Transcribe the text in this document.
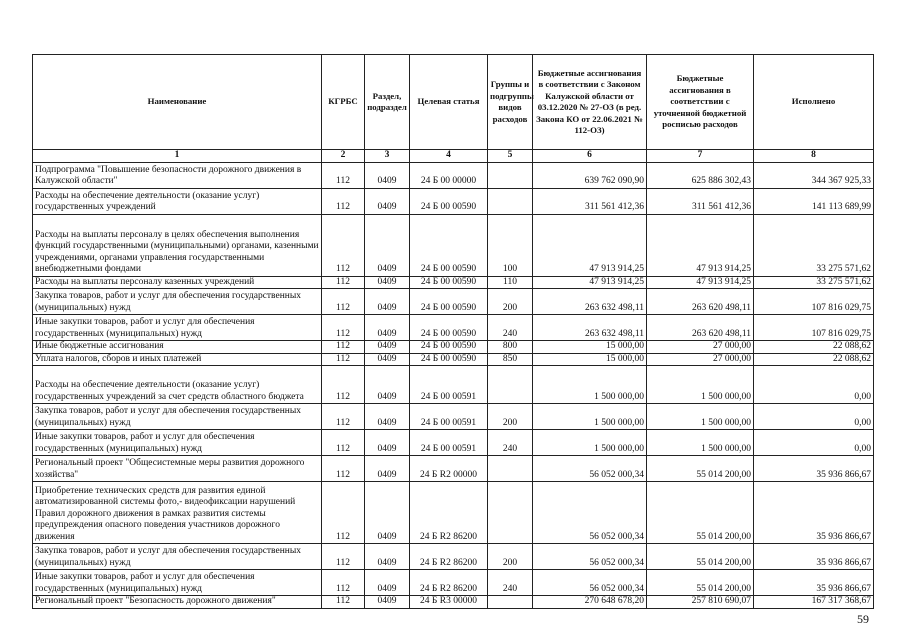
Наименование	КГРБС	Раздел, подраздел	Целевая статья	Группы и подгруппы видов расходов	Бюджетные ассигнования в соответствии с Законом Калужской области от 03.12.2020 № 27-ОЗ (в ред. Закона КО от 22.06.2021 № 112-ОЗ)	Бюджетные ассигнования в соответствии с уточненной бюджетной росписью расходов	Исполнено
1	2	3	4	5	6	7	8
Подпрограмма "Повышение безопасности дорожного движения в Калужской области"	112	0409	24 Б 00 00000		639 762 090,90	625 886 302,43	344 367 925,33
Расходы на обеспечение деятельности (оказание услуг) государственных учреждений	112	0409	24 Б 00 00590		311 561 412,36	311 561 412,36	141 113 689,99
Расходы на выплаты персоналу в целях обеспечения выполнения функций государственными (муниципальными) органами, казенными учреждениями, органами управления государственными внебюджетными фондами	112	0409	24 Б 00 00590	100	47 913 914,25	47 913 914,25	33 275 571,62
Расходы на выплаты персоналу казенных учреждений	112	0409	24 Б 00 00590	110	47 913 914,25	47 913 914,25	33 275 571,62
Закупка товаров, работ и услуг для обеспечения государственных (муниципальных) нужд	112	0409	24 Б 00 00590	200	263 632 498,11	263 620 498,11	107 816 029,75
Иные закупки товаров, работ и услуг для обеспечения государственных (муниципальных) нужд	112	0409	24 Б 00 00590	240	263 632 498,11	263 620 498,11	107 816 029,75
Иные бюджетные ассигнования	112	0409	24 Б 00 00590	800	15 000,00	27 000,00	22 088,62
Уплата налогов, сборов и иных платежей	112	0409	24 Б 00 00590	850	15 000,00	27 000,00	22 088,62
Расходы на обеспечение деятельности (оказание услуг) государственных учреждений за счет средств областного бюджета	112	0409	24 Б 00 00591		1 500 000,00	1 500 000,00	0,00
Закупка товаров, работ и услуг для обеспечения государственных (муниципальных) нужд	112	0409	24 Б 00 00591	200	1 500 000,00	1 500 000,00	0,00
Иные закупки товаров, работ и услуг для обеспечения государственных (муниципальных) нужд	112	0409	24 Б 00 00591	240	1 500 000,00	1 500 000,00	0,00
Региональный проект "Общесистемные меры развития дорожного хозяйства"	112	0409	24 Б R2 00000		56 052 000,34	55 014 200,00	35 936 866,67
Приобретение технических средств для развития единой автоматизированной системы фото,- видеофиксации нарушений Правил дорожного движения в рамках развития системы предупреждения опасного поведения участников дорожного движения	112	0409	24 Б R2 86200		56 052 000,34	55 014 200,00	35 936 866,67
Закупка товаров, работ и услуг для обеспечения государственных (муниципальных) нужд	112	0409	24 Б R2 86200	200	56 052 000,34	55 014 200,00	35 936 866,67
Иные закупки товаров, работ и услуг для обеспечения государственных (муниципальных) нужд	112	0409	24 Б R2 86200	240	56 052 000,34	55 014 200,00	35 936 866,67
Региональный проект "Безопасность дорожного движения"	112	0409	24 Б R3 00000		270 648 678,20	257 810 690,07	167 317 368,67
59
